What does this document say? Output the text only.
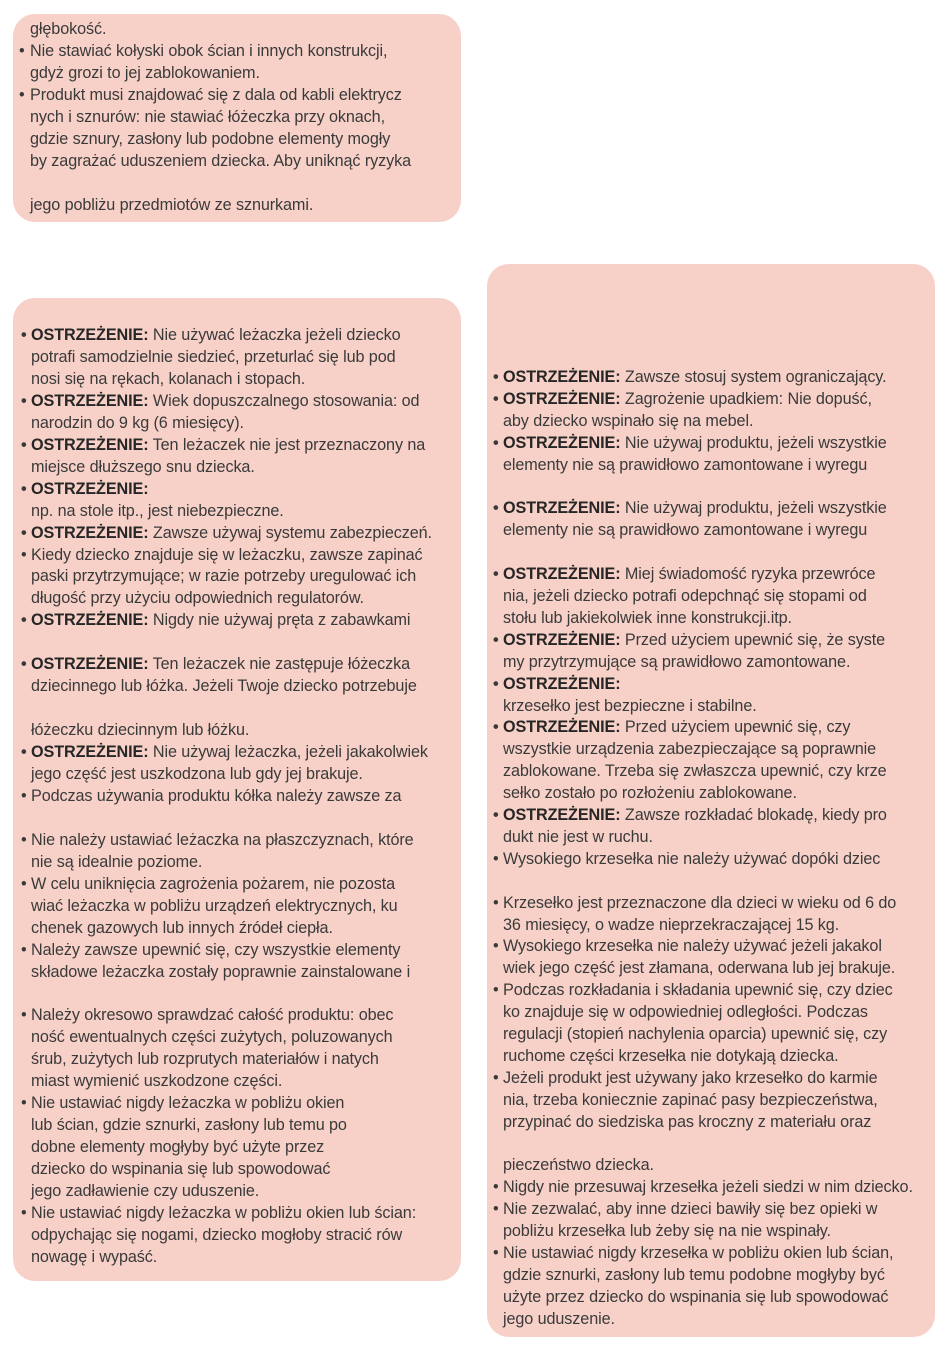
głębokość.
• Nie stawiać kołyski obok ścian i innych konstrukcji,
gdyż grozi to jej zablokowaniem.
• Produkt musi znajdować się z dala od kabli elektrycz
nych i sznurów: nie stawiać łóżeczka przy oknach,
gdzie sznury, zasłony lub podobne elementy mogły
by zagrażać uduszeniem dziecka. Aby uniknąć ryzyka
jego pobliżu przedmiotów ze sznurkami.
• OSTRZEŻENIE: Nie używać leżaczka jeżeli dziecko
potrafi samodzielnie siedzieć, przeturlać się lub pod
nosi się na rękach, kolanach i stopach.
• OSTRZEŻENIE: Wiek dopuszczalnego stosowania: od
narodzin do 9 kg (6 miesięcy).
• OSTRZEŻENIE: Ten leżaczek nie jest przeznaczony na
miejsce dłuższego snu dziecka.
• OSTRZEŻENIE:
np. na stole itp., jest niebezpieczne.
• OSTRZEŻENIE: Zawsze używaj systemu zabezpieczeń.
• Kiedy dziecko znajduje się w leżaczku, zawsze zapinać
paski przytrzymujące; w razie potrzeby uregulować ich
długość przy użyciu odpowiednich regulatorów.
• OSTRZEŻENIE: Nigdy nie używaj pręta z zabawkami
• OSTRZEŻENIE: Ten leżaczek nie zastępuje łóżeczka
dziecinnego lub łóżka. Jeżeli Twoje dziecko potrzebuje
łóżeczku dziecinnym lub łóżku.
• OSTRZEŻENIE: Nie używaj leżaczka, jeżeli jakakolwiek
jego część jest uszkodzona lub gdy jej brakuje.
• Podczas używania produktu kółka należy zawsze za
• Nie należy ustawiać leżaczka na płaszczyznach, które
nie są idealnie poziome.
• W celu uniknięcia zagrożenia pożarem, nie pozosta
wiać leżaczka w pobliżu urządzeń elektrycznych, ku
chenek gazowych lub innych źródeł ciepła.
• Należy zawsze upewnić się, czy wszystkie elementy
składowe leżaczka zostały poprawnie zainstalowane i
• Należy okresowo sprawdzać całość produktu: obec
ność ewentualnych części zużytych, poluzowanych
śrub, zużytych lub rozprutych materiałów i natych
miast wymienić uszkodzone części.
• Nie ustawiać nigdy leżaczka w pobliżu okien
lub ścian, gdzie sznurki, zasłony lub temu po
dobne elementy mogłyby być użyte przez
dziecko do wspinania się lub spowodować
jego zadławienie czy uduszenie.
• Nie ustawiać nigdy leżaczka w pobliżu okien lub ścian:
odpychając się nogami, dziecko mogłoby stracić rów
nowagę i wypaść.
• OSTRZEŻENIE: Zawsze stosuj system ograniczający.
• OSTRZEŻENIE: Zagrożenie upadkiem: Nie dopuść,
aby dziecko wspinało się na mebel.
• OSTRZEŻENIE: Nie używaj produktu, jeżeli wszystkie
elementy nie są prawidłowo zamontowane i wyregu
• OSTRZEŻENIE: Nie używaj produktu, jeżeli wszystkie
elementy nie są prawidłowo zamontowane i wyregu
• OSTRZEŻENIE: Miej świadomość ryzyka przewróce
nia, jeżeli dziecko potrafi odepchnąć się stopami od
stołu lub jakiekolwiek inne konstrukcji.itp.
• OSTRZEŻENIE: Przed użyciem upewnić się, że syste
my przytrzymujące są prawidłowo zamontowane.
• OSTRZEŻENIE:
krzesełko jest bezpieczne i stabilne.
• OSTRZEŻENIE: Przed użyciem upewnić się, czy
wszystkie urządzenia zabezpieczające są poprawnie
zablokowane. Trzeba się zwłaszcza upewnić, czy krze
sełko zostało po rozłożeniu zablokowane.
• OSTRZEŻENIE: Zawsze rozkładać blokadę, kiedy pro
dukt nie jest w ruchu.
• Wysokiego krzesełka nie należy używać dopóki dziec
• Krzesełko jest przeznaczone dla dzieci w wieku od 6 do
36 miesięcy, o wadze nieprzekraczającej 15 kg.
• Wysokiego krzesełka nie należy używać jeżeli jakakol
wiek jego część jest złamana, oderwana lub jej brakuje.
• Podczas rozkładania i składania upewnić się, czy dziec
ko znajduje się w odpowiedniej odległości. Podczas
regulacji (stopień nachylenia oparcia) upewnić się, czy
ruchome części krzesełka nie dotykają dziecka.
• Jeżeli produkt jest używany jako krzesełko do karmie
nia, trzeba koniecznie zapinać pasy bezpieczeństwa,
przypinać do siedziska pas kroczny z materiału oraz
pieczeństwo dziecka.
• Nigdy nie przesuwaj krzesełka jeżeli siedzi w nim dziecko.
• Nie zezwalać, aby inne dzieci bawiły się bez opieki w
pobliżu krzesełka lub żeby się na nie wspinały.
• Nie ustawiać nigdy krzesełka w pobliżu okien lub ścian,
gdzie sznurki, zasłony lub temu podobne mogłyby być
użyte przez dziecko do wspinania się lub spowodować
jego uduszenie.
